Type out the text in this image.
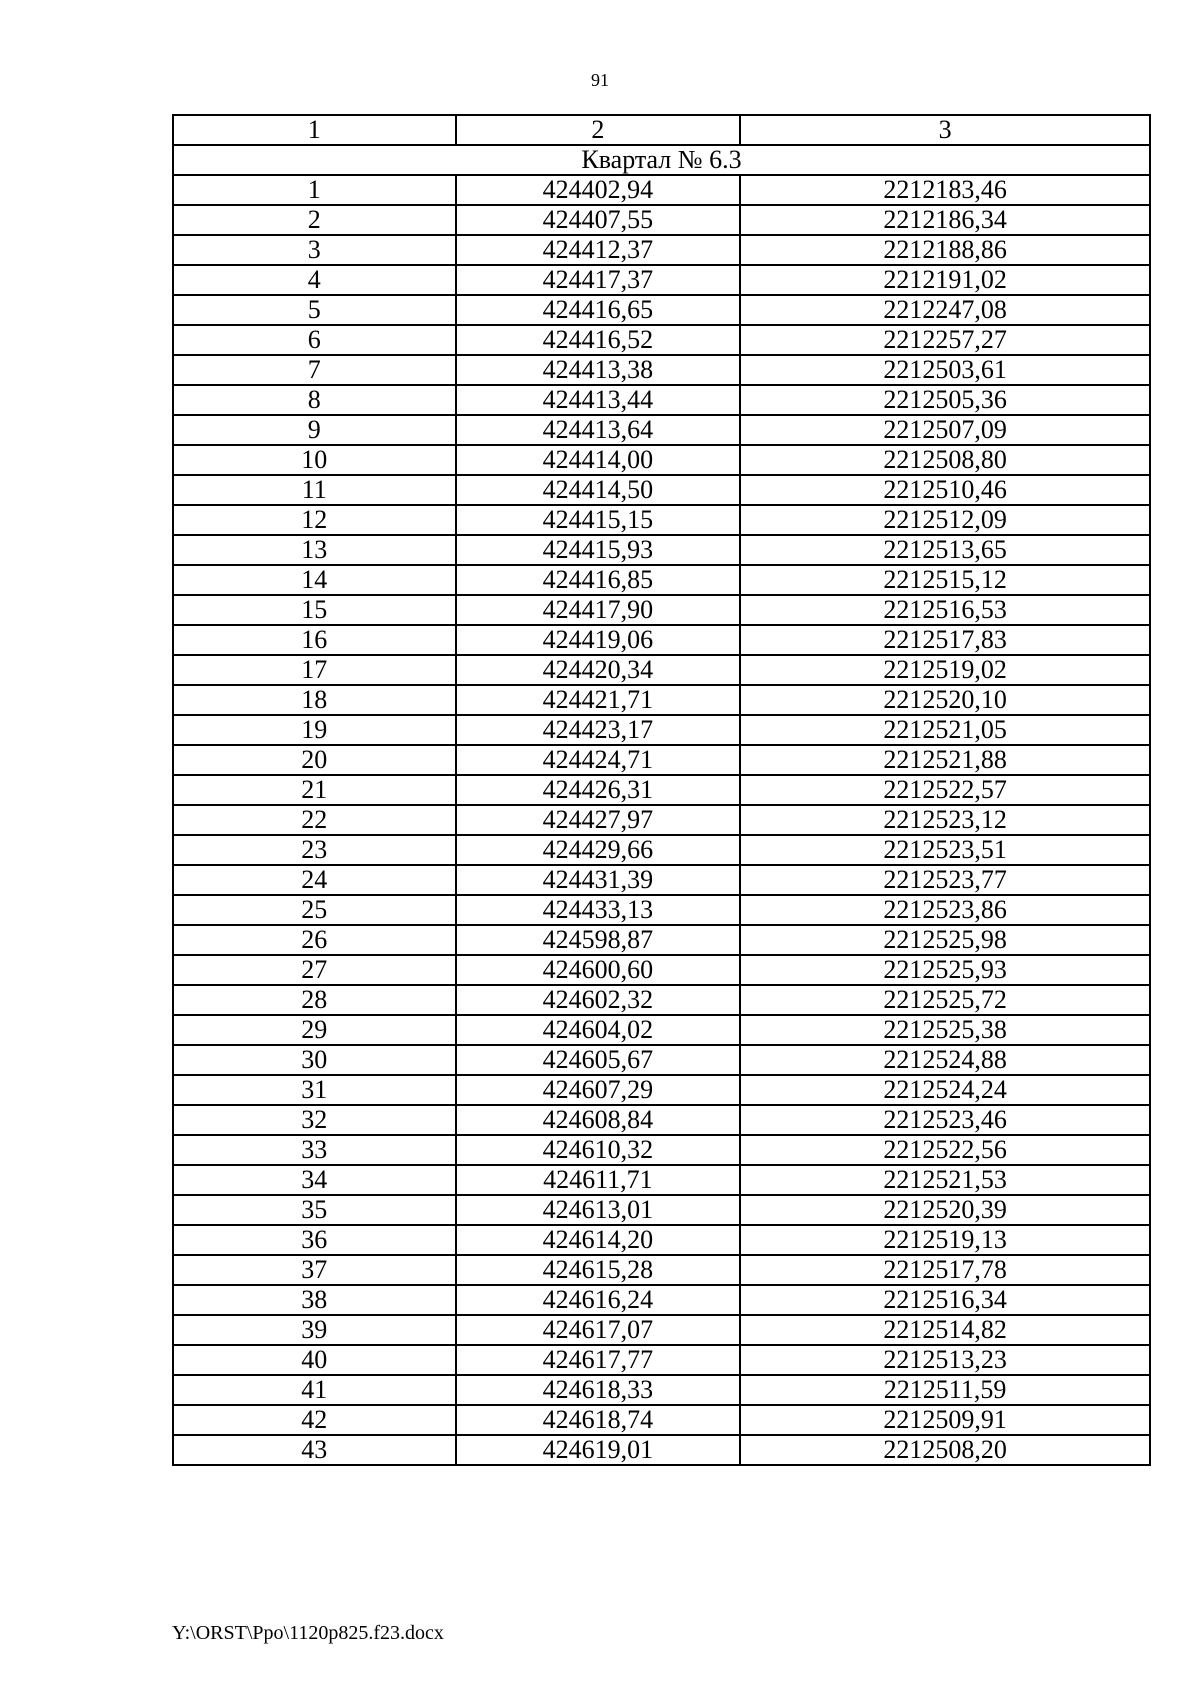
91
1	2	3
Квартал № 6.3		
1	424402,94	2212183,46
2	424407,55	2212186,34
3	424412,37	2212188,86
4	424417,37	2212191,02
5	424416,65	2212247,08
6	424416,52	2212257,27
7	424413,38	2212503,61
8	424413,44	2212505,36
9	424413,64	2212507,09
10	424414,00	2212508,80
11	424414,50	2212510,46
12	424415,15	2212512,09
13	424415,93	2212513,65
14	424416,85	2212515,12
15	424417,90	2212516,53
16	424419,06	2212517,83
17	424420,34	2212519,02
18	424421,71	2212520,10
19	424423,17	2212521,05
20	424424,71	2212521,88
21	424426,31	2212522,57
22	424427,97	2212523,12
23	424429,66	2212523,51
24	424431,39	2212523,77
25	424433,13	2212523,86
26	424598,87	2212525,98
27	424600,60	2212525,93
28	424602,32	2212525,72
29	424604,02	2212525,38
30	424605,67	2212524,88
31	424607,29	2212524,24
32	424608,84	2212523,46
33	424610,32	2212522,56
34	424611,71	2212521,53
35	424613,01	2212520,39
36	424614,20	2212519,13
37	424615,28	2212517,78
38	424616,24	2212516,34
39	424617,07	2212514,82
40	424617,77	2212513,23
41	424618,33	2212511,59
42	424618,74	2212509,91
43	424619,01	2212508,20
Y:\ORST\Ppo\1120p825.f23.docx
